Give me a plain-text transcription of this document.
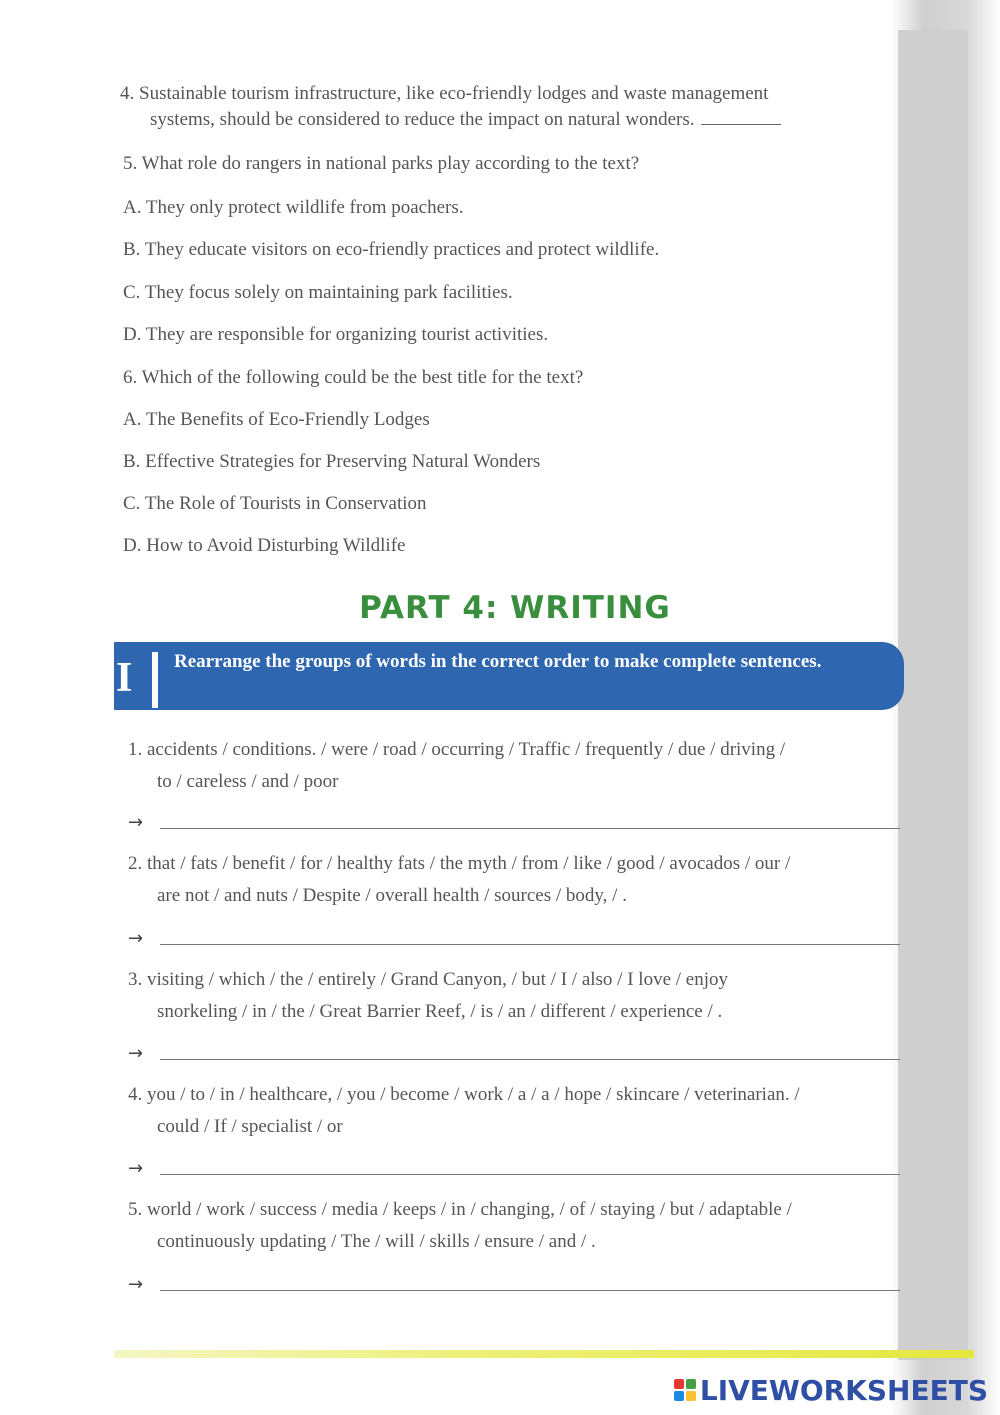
4. Sustainable tourism infrastructure, like eco-friendly lodges and waste management
systems, should be considered to reduce the impact on natural wonders.
5. What role do rangers in national parks play according to the text?
A. They only protect wildlife from poachers.
B. They educate visitors on eco-friendly practices and protect wildlife.
C. They focus solely on maintaining park facilities.
D. They are responsible for organizing tourist activities.
6. Which of the following could be the best title for the text?
A. The Benefits of Eco-Friendly Lodges
B. Effective Strategies for Preserving Natural Wonders
C. The Role of Tourists in Conservation
D. How to Avoid Disturbing Wildlife
PART 4: WRITING
I	Rearrange the groups of words in the correct order to make complete sentences.
1. accidents / conditions. / were / road / occurring / Traffic / frequently / due / driving /
to / careless / and / poor
→
2. that / fats / benefit / for / healthy fats / the myth / from / like / good / avocados / our /
are not / and nuts / Despite / overall health / sources / body, / .
→
3. visiting / which / the / entirely / Grand Canyon, / but / I / also / I love / enjoy
snorkeling / in / the / Great Barrier Reef, / is / an / different / experience / .
→
4. you / to / in / healthcare, / you / become / work / a / a / hope / skincare / veterinarian. /
could / If / specialist / or
→
5. world / work / success / media / keeps / in / changing, / of / staying / but / adaptable /
continuously updating / The / will / skills / ensure / and / .
→
LIVEWORKSHEETS
